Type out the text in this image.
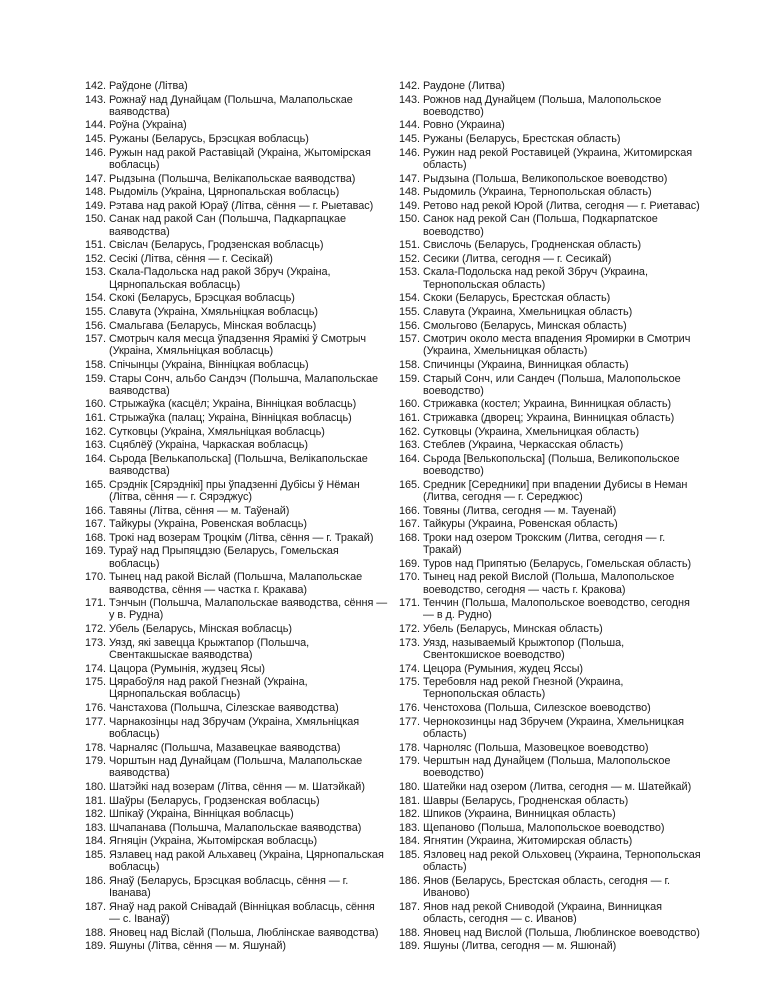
142. Раўдоне (Літва)

143. Рожнаў над Дунайцам (Польшча, Малапольскае ваяводства)

144. Роўна (Украіна)

145. Ружаны (Беларусь, Брэсцкая вобласць)

146. Ружын над ракой Раставіцай (Украіна, Жытомірская вобласць)

147. Рыдзына (Польшча, Велікапольскае ваяводства)

148. Рыдоміль (Украіна, Цярнопальская вобласць)

149. Рэтава над ракой Юраў (Літва, сёння — г. Рыетавас)

150. Санак над ракой Сан (Польшча, Падкарпацкае ваяводства)

151. Свіслач (Беларусь, Гродзенская вобласць)

152. Сесікі (Літва, сёння — г. Сесікай)

153. Скала-Падольска над ракой Збруч (Украіна, Цярнопальская вобласць)

154. Скокі (Беларусь, Брэсцкая вобласць)

155. Славута (Украіна, Хмяльніцкая вобласць)

156. Смальгава (Беларусь, Мінская вобласць)

157. Смотрыч каля месца ўпадзення Ярамікі ў Смотрыч (Украіна, Хмяльніцкая вобласць)

158. Спічынцы (Украіна, Вінніцкая вобласць)

159. Стары Сонч, альбо Сандэч (Польшча, Малапольскае ваяводства)

160. Стрыжаўка (касцёл; Украіна, Вінніцкая вобласць)

161. Стрыжаўка (палац; Украіна, Вінніцкая вобласць)

162. Сутковцы (Украіна, Хмяльніцкая вобласць)

163. Сцяблёў (Украіна, Чаркаская вобласць)

164. Сьрода [Велькапольска] (Польшча, Велікапольскае ваяводства)

165. Срэднік [Сярэднікі] пры ўпадзенні Дубісы ў Нёман (Літва, сёння — г. Сярэджус)

166. Тавяны (Літва, сёння — м. Таўенай)

167. Тайкуры (Украіна, Ровенская вобласць)

168. Трокі над возерам Троцкім (Літва, сёння — г. Тракай)

169. Тураў над Прыпяцдзю (Беларусь, Гомельская вобласць)

170. Тынец над ракой Віслай (Польшча, Малапольскае ваяводства, сёння — частка г. Кракава)

171. Тэнчын (Польшча, Малапольскае ваяводства, сёння — у в. Рудна)

172. Убель (Беларусь, Мінская вобласць)

173. Уязд, які завецца Крыжтапор (Польшча, Свентакшыскае ваяводства)

174. Цацора (Румынія, жудзец Ясы)

175. Цярабоўля над ракой Гнезнай (Украіна, Цярнопальская вобласць)

176. Чанстахова (Польшча, Сілезскае ваяводства)

177. Чарнакозінцы над Збручам (Украіна, Хмяльніцкая вобласць)

178. Чарналяс (Польшча, Мазавецкае ваяводства)

179. Чорштын над Дунайцам (Польшча, Малапольскае ваяводства)

180. Шатэйкі над возерам (Літва, сёння — м. Шатэйкай)

181. Шаўры (Беларусь, Гродзенская вобласць)

182. Шпікаў (Украіна, Вінніцкая вобласць)

183. Шчапанава (Польшча, Малапольскае ваяводства)

184. Ягняцін (Украіна, Жытомірская вобласць)

185. Язлавец над ракой Альхавец (Украіна, Цярнопальская вобласць)

186. Янаў (Беларусь, Брэсцкая вобласць, сёння — г. Іванава)

187. Янаў над ракой Снівадай (Вінніцкая вобласць, сёння — с. Іванаў)

188. Яновец над Віслай (Польша, Люблінскае ваяводства)

189. Яшуны (Літва, сёння — м. Яшунай)

142. Раудоне (Литва)

143. Рожнов над Дунайцем (Польша, Малопольское воеводство)

144. Ровно (Украина)

145. Ружаны (Беларусь, Брестская область)

146. Ружин над рекой Роставицей (Украина, Житомирская область)

147. Рыдзына (Польша, Великопольское воеводство)

148. Рыдомиль (Украина, Тернопольская область)

149. Ретово над рекой Юрой (Литва, сегодня — г. Риетавас)

150. Санок над рекой Сан (Польша, Подкарпатское воеводство)

151. Свислочь (Беларусь, Гродненская область)

152. Сесики (Литва, сегодня — г. Сесикай)

153. Скала-Подольска над рекой Збруч (Украина, Тернопольская область)

154. Скоки (Беларусь, Брестская область)

155. Славута (Украина, Хмельницкая область)

156. Смольгово (Беларусь, Минская область)

157. Смотрич около места впадения Яромирки в Смотрич (Украина, Хмельницкая область)

158. Спичинцы (Украина, Винницкая область)

159. Старый Сонч, или Сандеч (Польша, Малопольское воеводство)

160. Стрижавка (костел; Украина, Винницкая область)

161. Стрижавка (дворец; Украина, Винницкая область)

162. Сутковцы (Украина, Хмельницкая область)

163. Стеблев (Украина, Черкасская область)

164. Сьрода [Велькопольска] (Польша, Великопольское воеводство)

165. Средник [Середники] при впадении Дубисы в Неман (Литва, сегодня — г. Середжюс)

166. Товяны (Литва, сегодня — м. Тауенай)

167. Тайкуры (Украина, Ровенская область)

168. Троки над озером Трокским (Литва, сегодня — г. Тракай)

169. Туров над Припятью (Беларусь, Гомельская область)

170. Тынец над рекой Вислой (Польша, Малопольское воеводство, сегодня — часть г. Кракова)

171. Тенчин (Польша, Малопольское воеводство, сегодня — в д. Рудно)

172. Убель (Беларусь, Минская область)

173. Уязд, называемый Крыжтопор (Польша, Свентокшиское воеводство)

174. Цецора (Румыния, жудец Яссы)

175. Теребовля над рекой Гнезной (Украина, Тернопольская область)

176. Ченстохова (Польша, Силезское воеводство)

177. Чернокозинцы над Збручем (Украина, Хмельницкая область)

178. Чарноляс (Польша, Мазовецкое воеводство)

179. Черштын над Дунайцем (Польша, Малопольское воеводство)

180. Шатейки над озером (Литва, сегодня — м. Шатейкай)

181. Шавры (Беларусь, Гродненская область)

182. Шпиков (Украина, Винницкая область)

183. Щепаново (Польша, Малопольское воеводство)

184. Ягнятин (Украина, Житомирская область)

185. Язловец над рекой Ольховец (Украина, Тернопольская область)

186. Янов (Беларусь, Брестская область, сегодня — г. Иваново)

187. Янов над рекой Сниводой (Украина, Винницкая область, сегодня — с. Иванов)

188. Яновец над Вислой (Польша, Люблинское воеводство)

189. Яшуны (Литва, сегодня — м. Яшюнай)
